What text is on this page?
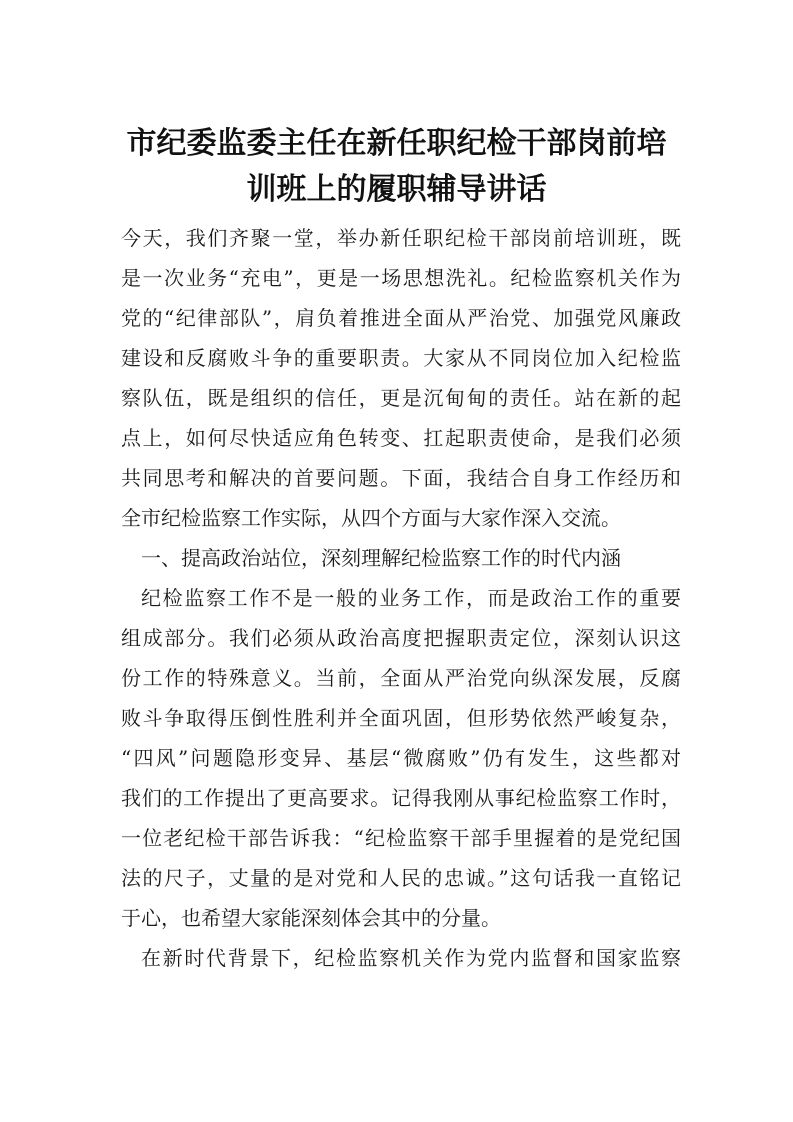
市纪委监委主任在新任职纪检干部岗前培
训班上的履职辅导讲话
今天，我们齐聚一堂，举办新任职纪检干部岗前培训班，既
是一次业务“充电”，更是一场思想洗礼。纪检监察机关作为
党的“纪律部队”，肩负着推进全面从严治党、加强党风廉政
建设和反腐败斗争的重要职责。大家从不同岗位加入纪检监
察队伍，既是组织的信任，更是沉甸甸的责任。站在新的起
点上，如何尽快适应角色转变、扛起职责使命，是我们必须
共同思考和解决的首要问题。下面，我结合自身工作经历和
全市纪检监察工作实际，从四个方面与大家作深入交流。
一、提高政治站位，深刻理解纪检监察工作的时代内涵
纪检监察工作不是一般的业务工作，而是政治工作的重要
组成部分。我们必须从政治高度把握职责定位，深刻认识这
份工作的特殊意义。当前，全面从严治党向纵深发展，反腐
败斗争取得压倒性胜利并全面巩固，但形势依然严峻复杂，
“四风”问题隐形变异、基层“微腐败”仍有发生，这些都对
我们的工作提出了更高要求。记得我刚从事纪检监察工作时，
一位老纪检干部告诉我：“纪检监察干部手里握着的是党纪国
法的尺子，丈量的是对党和人民的忠诚。”这句话我一直铭记
于心，也希望大家能深刻体会其中的分量。
在新时代背景下，纪检监察机关作为党内监督和国家监察
